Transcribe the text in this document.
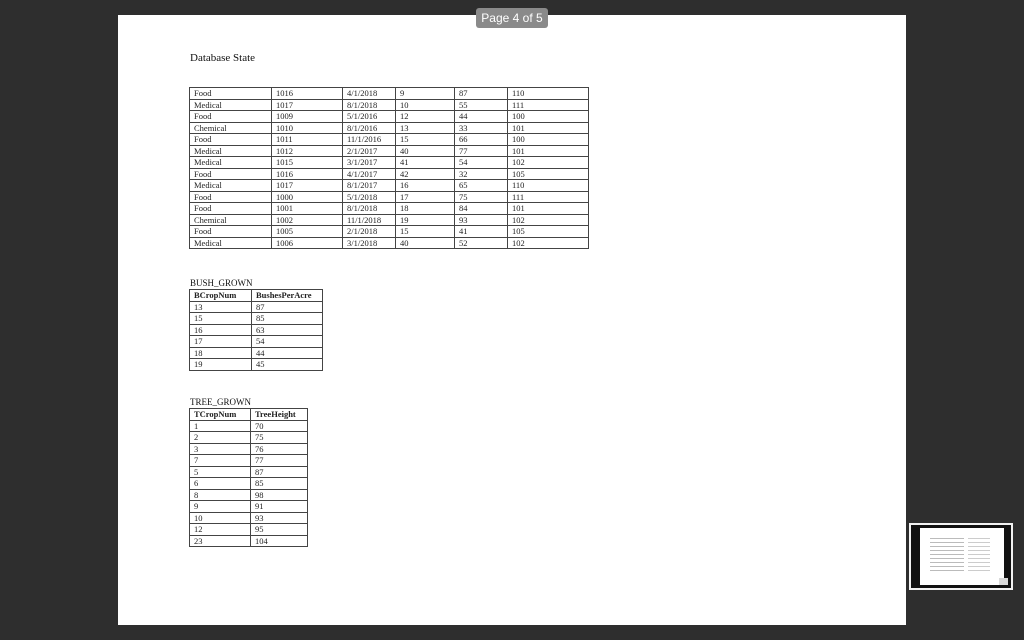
Page 4 of 5
Database State
Food	1016	4/1/2018	9	87	110
Medical	1017	8/1/2018	10	55	111
Food	1009	5/1/2016	12	44	100
Chemical	1010	8/1/2016	13	33	101
Food	1011	11/1/2016	15	66	100
Medical	1012	2/1/2017	40	77	101
Medical	1015	3/1/2017	41	54	102
Food	1016	4/1/2017	42	32	105
Medical	1017	8/1/2017	16	65	110
Food	1000	5/1/2018	17	75	111
Food	1001	8/1/2018	18	84	101
Chemical	1002	11/1/2018	19	93	102
Food	1005	2/1/2018	15	41	105
Medical	1006	3/1/2018	40	52	102
BUSH_GROWN
BCropNum	BushesPerAcre
13	87
15	85
16	63
17	54
18	44
19	45
TREE_GROWN
TCropNum	TreeHeight
1	70
2	75
3	76
7	77
5	87
6	85
8	98
9	91
10	93
12	95
23	104
